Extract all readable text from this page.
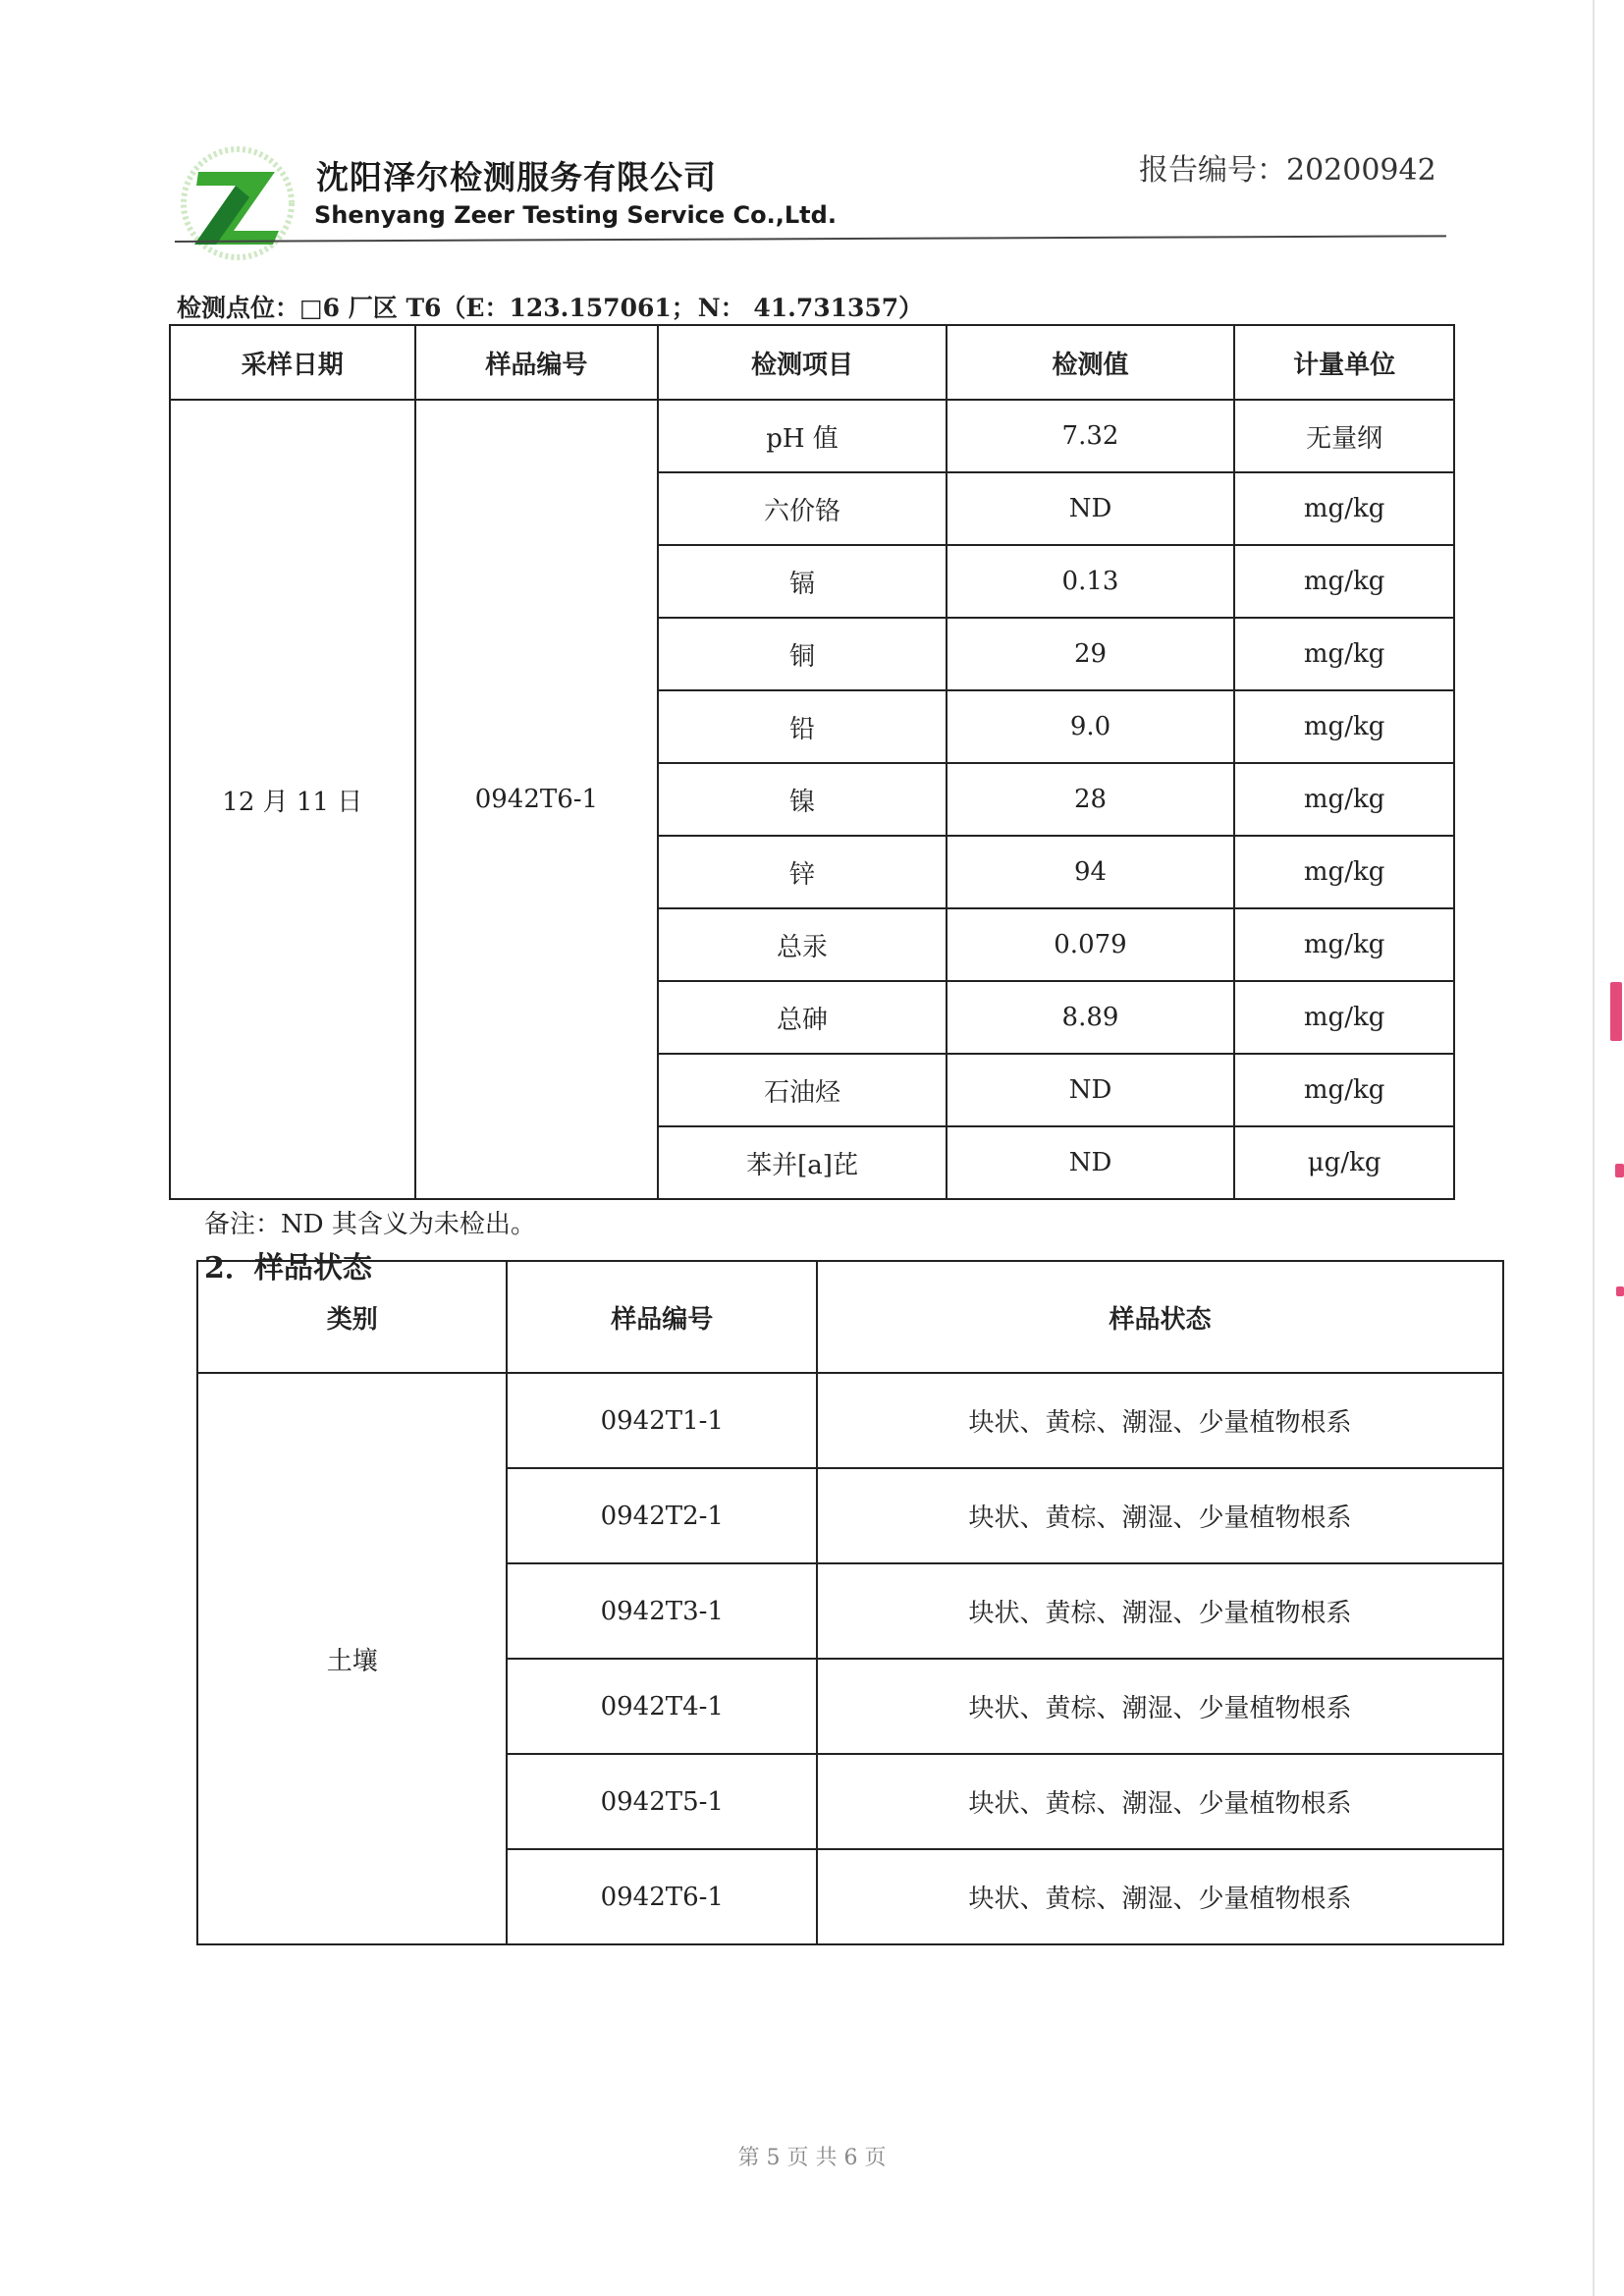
沈阳泽尔检测服务有限公司
Shenyang Zeer Testing Service Co.,Ltd.
报告编号：20200942
检测点位：□6 厂区 T6（E：123.157061；N： 41.731357）
采样日期	样品编号	检测项目	检测值	计量单位
12 月 11 日	0942T6-1	pH 值	7.32	无量纲
		六价铬	ND	mg/kg
		镉	0.13	mg/kg
		铜	29	mg/kg
		铅	9.0	mg/kg
		镍	28	mg/kg
		锌	94	mg/kg
		总汞	0.079	mg/kg
		总砷	8.89	mg/kg
		石油烃	ND	mg/kg
		苯并[a]芘	ND	μg/kg
备注：ND 其含义为未检出。
2．样品状态
类别	样品编号	样品状态
土壤	0942T1-1	块状、黄棕、潮湿、少量植物根系
	0942T2-1	块状、黄棕、潮湿、少量植物根系
	0942T3-1	块状、黄棕、潮湿、少量植物根系
	0942T4-1	块状、黄棕、潮湿、少量植物根系
	0942T5-1	块状、黄棕、潮湿、少量植物根系
	0942T6-1	块状、黄棕、潮湿、少量植物根系
第 5 页 共 6 页
